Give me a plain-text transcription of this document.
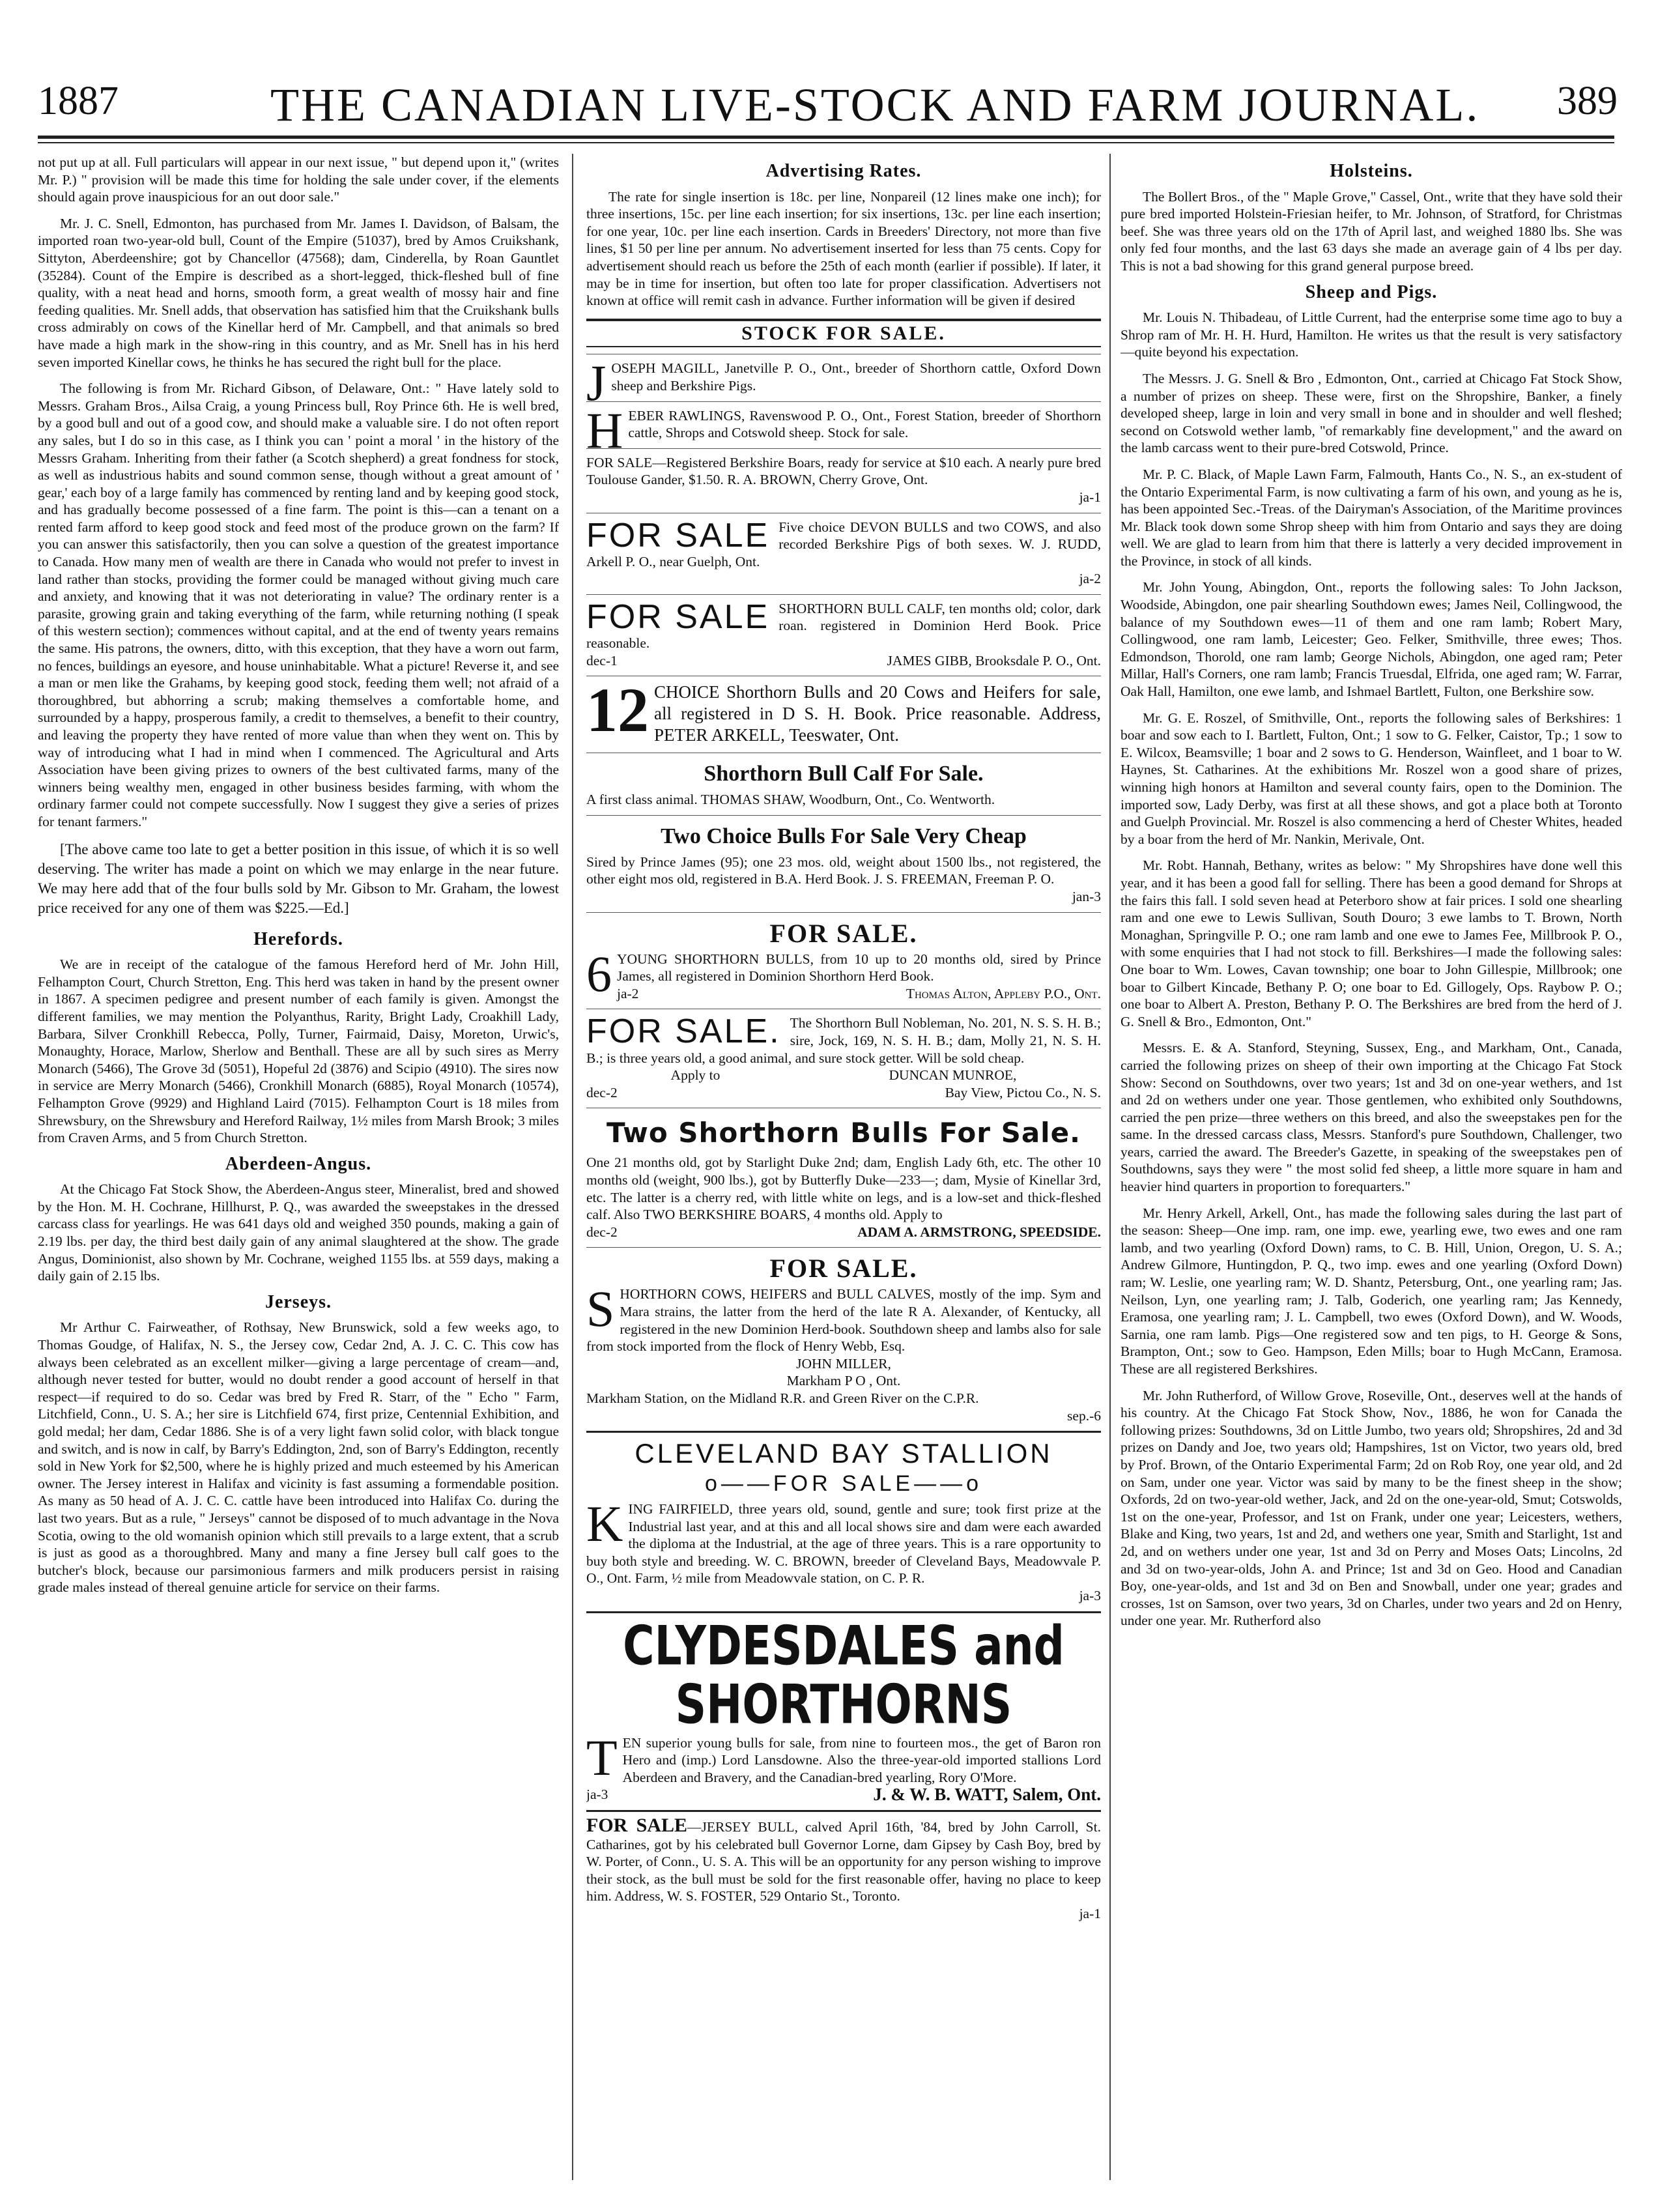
1887	THE CANADIAN LIVE-STOCK AND FARM JOURNAL. 389

not put up at all. Full particulars will appear in our next issue, " but depend upon it," (writes Mr. P.) " provision will be made this time for holding the sale under cover, if the elements should again prove inauspicious for an out door sale."

Mr. J. C. Snell, Edmonton, has purchased from Mr. James I. Davidson, of Balsam, the imported roan two-year-old bull, Count of the Empire (51037), bred by Amos Cruikshank, Sittyton, Aberdeenshire; got by Chancellor (47568); dam, Cinderella, by Roan Gauntlet (35284). Count of the Empire is described as a short-legged, thick-fleshed bull of fine quality, with a neat head and horns, smooth form, a great wealth of mossy hair and fine feeding qualities. Mr. Snell adds, that observation has satisfied him that the Cruikshank bulls cross admirably on cows of the Kinellar herd of Mr. Campbell, and that animals so bred have made a high mark in the show-ring in this country, and as Mr. Snell has in his herd seven imported Kinellar cows, he thinks he has secured the right bull for the place.

The following is from Mr. Richard Gibson, of Delaware, Ont.: " Have lately sold to Messrs. Graham Bros., Ailsa Craig, a young Princess bull, Roy Prince 6th. He is well bred, by a good bull and out of a good cow, and should make a valuable sire. I do not often report any sales, but I do so in this case, as I think you can ' point a moral ' in the history of the Messrs Graham. Inheriting from their father (a Scotch shepherd) a great fondness for stock, as well as industrious habits and sound common sense, though without a great amount of ' gear,' each boy of a large family has commenced by renting land and by keeping good stock, and has gradually become possessed of a fine farm. The point is this—can a tenant on a rented farm afford to keep good stock and feed most of the produce grown on the farm? If you can answer this satisfactorily, then you can solve a question of the greatest importance to Canada. How many men of wealth are there in Canada who would not prefer to invest in land rather than stocks, providing the former could be managed without giving much care and anxiety, and knowing that it was not deteriorating in value? The ordinary renter is a parasite, growing grain and taking everything of the farm, while returning nothing (I speak of this western section); commences without capital, and at the end of twenty years remains the same. His patrons, the owners, ditto, with this exception, that they have a worn out farm, no fences, buildings an eyesore, and house uninhabitable. What a picture! Reverse it, and see a man or men like the Grahams, by keeping good stock, feeding them well; not afraid of a thoroughbred, but abhorring a scrub; making themselves a comfortable home, and surrounded by a happy, prosperous family, a credit to themselves, a benefit to their country, and leaving the property they have rented of more value than when they went on. This by way of introducing what I had in mind when I commenced. The Agricultural and Arts Association have been giving prizes to owners of the best cultivated farms, many of the winners being wealthy men, engaged in other business besides farming, with whom the ordinary farmer could not compete successfully. Now I suggest they give a series of prizes for tenant farmers."

[The above came too late to get a better position in this issue, of which it is so well deserving. The writer has made a point on which we may enlarge in the near future. We may here add that of the four bulls sold by Mr. Gibson to Mr. Graham, the lowest price received for any one of them was $225.—Ed.]

Herefords.

We are in receipt of the catalogue of the famous Hereford herd of Mr. John Hill, Felhampton Court, Church Stretton, Eng. This herd was taken in hand by the present owner in 1867. A specimen pedigree and present number of each family is given. Amongst the different families, we may mention the Polyanthus, Rarity, Bright Lady, Croakhill Lady, Barbara, Silver Cronkhill Rebecca, Polly, Turner, Fairmaid, Daisy, Moreton, Urwic's, Monaughty, Horace, Marlow, Sherlow and Benthall. These are all by such sires as Merry Monarch (5466), The Grove 3d (5051), Hopeful 2d (3876) and Scipio (4910). The sires now in service are Merry Monarch (5466), Cronkhill Monarch (6885), Royal Monarch (10574), Felhampton Grove (9929) and Highland Laird (7015). Felhampton Court is 18 miles from Shrewsbury, on the Shrewsbury and Hereford Railway, 1½ miles from Marsh Brook; 3 miles from Craven Arms, and 5 from Church Stretton.

Aberdeen-Angus.

At the Chicago Fat Stock Show, the Aberdeen-Angus steer, Mineralist, bred and showed by the Hon. M. H. Cochrane, Hillhurst, P. Q., was awarded the sweepstakes in the dressed carcass class for yearlings. He was 641 days old and weighed 350 pounds, making a gain of 2.19 lbs. per day, the third best daily gain of any animal slaughtered at the show. The grade Angus, Dominionist, also shown by Mr. Cochrane, weighed 1155 lbs. at 559 days, making a daily gain of 2.15 lbs.

Jerseys.

Mr Arthur C. Fairweather, of Rothsay, New Brunswick, sold a few weeks ago, to Thomas Goudge, of Halifax, N. S., the Jersey cow, Cedar 2nd, A. J. C. C. This cow has always been celebrated as an excellent milker—giving a large percentage of cream—and, although never tested for butter, would no doubt render a good account of herself in that respect—if required to do so. Cedar was bred by Fred R. Starr, of the " Echo " Farm, Litchfield, Conn., U. S. A.; her sire is Litchfield 674, first prize, Centennial Exhibition, and gold medal; her dam, Cedar 1886. She is of a very light fawn solid color, with black tongue and switch, and is now in calf, by Barry's Eddington, 2nd, son of Barry's Eddington, recently sold in New York for $2,500, where he is highly prized and much esteemed by his American owner. The Jersey interest in Halifax and vicinity is fast assuming a formendable position. As many as 50 head of A. J. C. C. cattle have been introduced into Halifax Co. during the last two years. But as a rule, " Jerseys" cannot be disposed of to much advantage in the Nova Scotia, owing to the old womanish opinion which still prevails to a large extent, that a scrub is just as good as a thoroughbred. Many and many a fine Jersey bull calf goes to the butcher's block, because our parsimonious farmers and milk producers persist in raising grade males instead of thereal genuine article for service on their farms.

Advertising Rates.

The rate for single insertion is 18c. per line, Nonpareil (12 lines make one inch); for three insertions, 15c. per line each insertion; for six insertions, 13c. per line each insertion; for one year, 10c. per line each insertion. Cards in Breeders' Directory, not more than five lines, $1 50 per line per annum. No advertisement inserted for less than 75 cents. Copy for advertisement should reach us before the 25th of each month (earlier if possible). If later, it may be in time for insertion, but often too late for proper classification. Advertisers not known at office will remit cash in advance. Further information will be given if desired

STOCK FOR SALE.
J OSEPH MAGILL, Janetville P. O., Ont., breeder of Shorthorn cattle, Oxford Down sheep and Berkshire Pigs.

H EBER RAWLINGS, Ravenswood P. O., Ont., Forest Station, breeder of Shorthorn cattle, Shrops and Cotswold sheep. Stock for sale.

FOR SALE—Registered Berkshire Boars, ready for service at $10 each. A nearly pure bred Toulouse Gander, $1.50. R. A. BROWN, Cherry Grove, Ont.

ja-1

FOR SALE Five choice DEVON BULLS and two COWS, and also recorded Berkshire Pigs of both sexes. W. J. RUDD, Arkell P. O., near Guelph, Ont.

ja-2

FOR SALE SHORTHORN BULL CALF, ten months old; color, dark roan. registered in Dominion Herd Book. Price reasonable.

dec-1	JAMES GIBB, Brooksdale P. O., Ont.

12 CHOICE Shorthorn Bulls and 20 Cows and Heifers for sale, all registered in D S. H. Book. Price reasonable. Address, PETER ARKELL, Teeswater, Ont.

Shorthorn Bull Calf For Sale.

A first class animal. THOMAS SHAW, Woodburn, Ont., Co. Wentworth.

Two Choice Bulls For Sale Very Cheap

Sired by Prince James (95); one 23 mos. old, weight about 1500 lbs., not registered, the other eight mos old, registered in B.A. Herd Book. J. S. FREEMAN, Freeman P. O.

jan-3

FOR SALE.
6 YOUNG SHORTHORN BULLS, from 10 up to 20 months old, sired by Prince James, all registered in Dominion Shorthorn Herd Book.

ja-2	Thomas Alton, Appleby P.O., Ont.

FOR SALE. The Shorthorn Bull Nobleman, No. 201, N. S. S. H. B.; sire, Jock, 169, N. S. H. B.; dam, Molly 21, N. S. H. B.; is three years old, a good animal, and sure stock getter. Will be sold cheap.

Apply to	DUNCAN MUNROE,

dec-2	Bay View, Pictou Co., N. S.

Two Shorthorn Bulls For Sale.

One 21 months old, got by Starlight Duke 2nd; dam, English Lady 6th, etc. The other 10 months old (weight, 900 lbs.), got by Butterfly Duke—233—; dam, Mysie of Kinellar 3rd, etc. The latter is a cherry red, with little white on legs, and is a low-set and thick-fleshed calf. Also TWO BERKSHIRE BOARS, 4 months old. Apply to

dec-2	ADAM A. ARMSTRONG, SPEEDSIDE.

FOR SALE.
S HORTHORN COWS, HEIFERS and BULL CALVES, mostly of the imp. Sym and Mara strains, the latter from the herd of the late R A. Alexander, of Kentucky, all registered in the new Dominion Herd-book. Southdown sheep and lambs also for sale from stock imported from the flock of Henry Webb, Esq.

JOHN MILLER,

Markham P O , Ont.

Markham Station, on the Midland R.R. and Green River on the C.P.R.

sep.-6

CLEVELAND BAY STALLION
o——FOR SALE——o
K ING FAIRFIELD, three years old, sound, gentle and sure; took first prize at the Industrial last year, and at this and all local shows sire and dam were each awarded the diploma at the Industrial, at the age of three years. This is a rare opportunity to buy both style and breeding. W. C. BROWN, breeder of Cleveland Bays, Meadowvale P. O., Ont. Farm, ½ mile from Meadowvale station, on C. P. R.

ja-3

CLYDESDALES and SHORTHORNS
T EN superior young bulls for sale, from nine to fourteen mos., the get of Baron ron Hero and (imp.) Lord Lansdowne. Also the three-year-old imported stallions Lord Aberdeen and Bravery, and the Canadian-bred yearling, Rory O'More.

ja-3	J. & W. B. WATT, Salem, Ont.

FOR SALE—JERSEY BULL, calved April 16th, '84, bred by John Carroll, St. Catharines, got by his celebrated bull Governor Lorne, dam Gipsey by Cash Boy, bred by W. Porter, of Conn., U. S. A. This will be an opportunity for any person wishing to improve their stock, as the bull must be sold for the first reasonable offer, having no place to keep him. Address, W. S. FOSTER, 529 Ontario St., Toronto.

ja-1

Holsteins.

The Bollert Bros., of the " Maple Grove," Cassel, Ont., write that they have sold their pure bred imported Holstein-Friesian heifer, to Mr. Johnson, of Stratford, for Christmas beef. She was three years old on the 17th of April last, and weighed 1880 lbs. She was only fed four months, and the last 63 days she made an average gain of 4 lbs per day. This is not a bad showing for this grand general purpose breed.

Sheep and Pigs.

Mr. Louis N. Thibadeau, of Little Current, had the enterprise some time ago to buy a Shrop ram of Mr. H. H. Hurd, Hamilton. He writes us that the result is very satisfactory —quite beyond his expectation.

The Messrs. J. G. Snell & Bro , Edmonton, Ont., carried at Chicago Fat Stock Show, a number of prizes on sheep. These were, first on the Shropshire, Banker, a finely developed sheep, large in loin and very small in bone and in shoulder and well fleshed; second on Cotswold wether lamb, "of remarkably fine development," and the award on the lamb carcass went to their pure-bred Cotswold, Prince.

Mr. P. C. Black, of Maple Lawn Farm, Falmouth, Hants Co., N. S., an ex-student of the Ontario Experimental Farm, is now cultivating a farm of his own, and young as he is, has been appointed Sec.-Treas. of the Dairyman's Association, of the Maritime provinces Mr. Black took down some Shrop sheep with him from Ontario and says they are doing well. We are glad to learn from him that there is latterly a very decided improvement in the Province, in stock of all kinds.

Mr. John Young, Abingdon, Ont., reports the following sales: To John Jackson, Woodside, Abingdon, one pair shearling Southdown ewes; James Neil, Collingwood, the balance of my Southdown ewes—11 of them and one ram lamb; Robert Mary, Collingwood, one ram lamb, Leicester; Geo. Felker, Smithville, three ewes; Thos. Edmondson, Thorold, one ram lamb; George Nichols, Abingdon, one aged ram; Peter Millar, Hall's Corners, one ram lamb; Francis Truesdal, Elfrida, one aged ram; W. Farrar, Oak Hall, Hamilton, one ewe lamb, and Ishmael Bartlett, Fulton, one Berkshire sow.

Mr. G. E. Roszel, of Smithville, Ont., reports the following sales of Berkshires: 1 boar and sow each to I. Bartlett, Fulton, Ont.; 1 sow to G. Felker, Caistor, Tp.; 1 sow to E. Wilcox, Beamsville; 1 boar and 2 sows to G. Henderson, Wainfleet, and 1 boar to W. Haynes, St. Catharines. At the exhibitions Mr. Roszel won a good share of prizes, winning high honors at Hamilton and several county fairs, open to the Dominion. The imported sow, Lady Derby, was first at all these shows, and got a place both at Toronto and Guelph Provincial. Mr. Roszel is also commencing a herd of Chester Whites, headed by a boar from the herd of Mr. Nankin, Merivale, Ont.

Mr. Robt. Hannah, Bethany, writes as below: " My Shropshires have done well this year, and it has been a good fall for selling. There has been a good demand for Shrops at the fairs this fall. I sold seven head at Peterboro show at fair prices. I sold one shearling ram and one ewe to Lewis Sullivan, South Douro; 3 ewe lambs to T. Brown, North Monaghan, Springville P. O.; one ram lamb and one ewe to James Fee, Millbrook P. O., with some enquiries that I had not stock to fill. Berkshires—I made the following sales: One boar to Wm. Lowes, Cavan township; one boar to John Gillespie, Millbrook; one boar to Gilbert Kincade, Bethany P. O; one boar to Ed. Gillogely, Ops. Raybow P. O.; one boar to Albert A. Preston, Bethany P. O. The Berkshires are bred from the herd of J. G. Snell & Bro., Edmonton, Ont."

Messrs. E. & A. Stanford, Steyning, Sussex, Eng., and Markham, Ont., Canada, carried the following prizes on sheep of their own importing at the Chicago Fat Stock Show: Second on Southdowns, over two years; 1st and 3d on one-year wethers, and 1st and 2d on wethers under one year. Those gentlemen, who exhibited only Southdowns, carried the pen prize—three wethers on this breed, and also the sweepstakes pen for the same. In the dressed carcass class, Messrs. Stanford's pure Southdown, Challenger, two years, carried the award. The Breeder's Gazette, in speaking of the sweepstakes pen of Southdowns, says they were " the most solid fed sheep, a little more square in ham and heavier hind quarters in proportion to forequarters."

Mr. Henry Arkell, Arkell, Ont., has made the following sales during the last part of the season: Sheep—One imp. ram, one imp. ewe, yearling ewe, two ewes and one ram lamb, and two yearling (Oxford Down) rams, to C. B. Hill, Union, Oregon, U. S. A.; Andrew Gilmore, Huntingdon, P. Q., two imp. ewes and one yearling (Oxford Down) ram; W. Leslie, one yearling ram; W. D. Shantz, Petersburg, Ont., one yearling ram; Jas. Neilson, Lyn, one yearling ram; J. Talb, Goderich, one yearling ram; Jas Kennedy, Eramosa, one yearling ram; J. L. Campbell, two ewes (Oxford Down), and W. Woods, Sarnia, one ram lamb. Pigs—One registered sow and ten pigs, to H. George & Sons, Brampton, Ont.; sow to Geo. Hampson, Eden Mills; boar to Hugh McCann, Eramosa. These are all registered Berkshires.

Mr. John Rutherford, of Willow Grove, Roseville, Ont., deserves well at the hands of his country. At the Chicago Fat Stock Show, Nov., 1886, he won for Canada the following prizes: Southdowns, 3d on Little Jumbo, two years old; Shropshires, 2d and 3d prizes on Dandy and Joe, two years old; Hampshires, 1st on Victor, two years old, bred by Prof. Brown, of the Ontario Experimental Farm; 2d on Rob Roy, one year old, and 2d on Sam, under one year. Victor was said by many to be the finest sheep in the show; Oxfords, 2d on two-year-old wether, Jack, and 2d on the one-year-old, Smut; Cotswolds, 1st on the one-year, Professor, and 1st on Frank, under one year; Leicesters, wethers, Blake and King, two years, 1st and 2d, and wethers one year, Smith and Starlight, 1st and 2d, and on wethers under one year, 1st and 3d on Perry and Moses Oats; Lincolns, 2d and 3d on two-year-olds, John A. and Prince; 1st and 3d on Geo. Hood and Canadian Boy, one-year-olds, and 1st and 3d on Ben and Snowball, under one year; grades and crosses, 1st on Samson, over two years, 3d on Charles, under two years and 2d on Henry, under one year. Mr. Rutherford also
